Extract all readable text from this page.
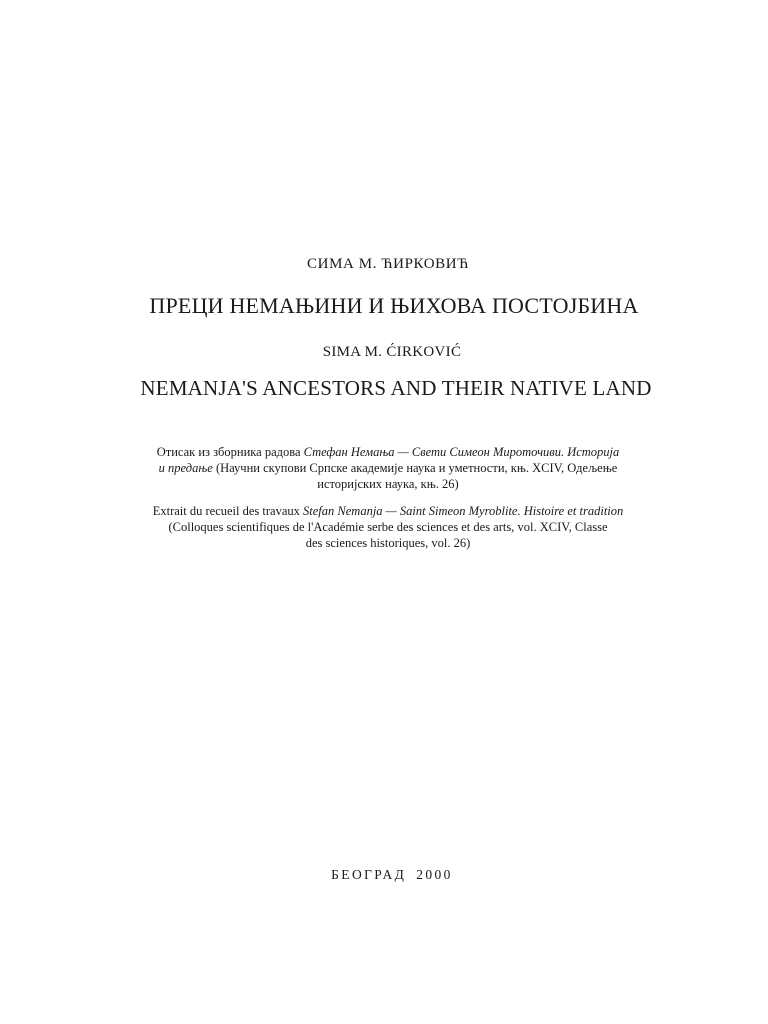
СИМА М. ЋИРКОВИЋ
ПРЕЦИ НЕМАЊИНИ И ЊИХОВА ПОСТОЈБИНА
SIMA M. ĆIRKOVIĆ
NEMANJA'S ANCESTORS AND THEIR NATIVE LAND
Отисак из зборника радова Стефан Немања — Свети Симеон Мироточиви. Историја
и предање (Научни скупови Српске академије наука и уметности, књ. XCIV, Одељење
историјских наука, књ. 26)
Extrait du recueil des travaux Stefan Nemanja — Saint Simeon Myroblite. Histoire et tradition
(Colloques scientifiques de l'Académie serbe des sciences et des arts, vol. XCIV, Classe
des sciences historiques, vol. 26)
БЕОГРАД 2000
